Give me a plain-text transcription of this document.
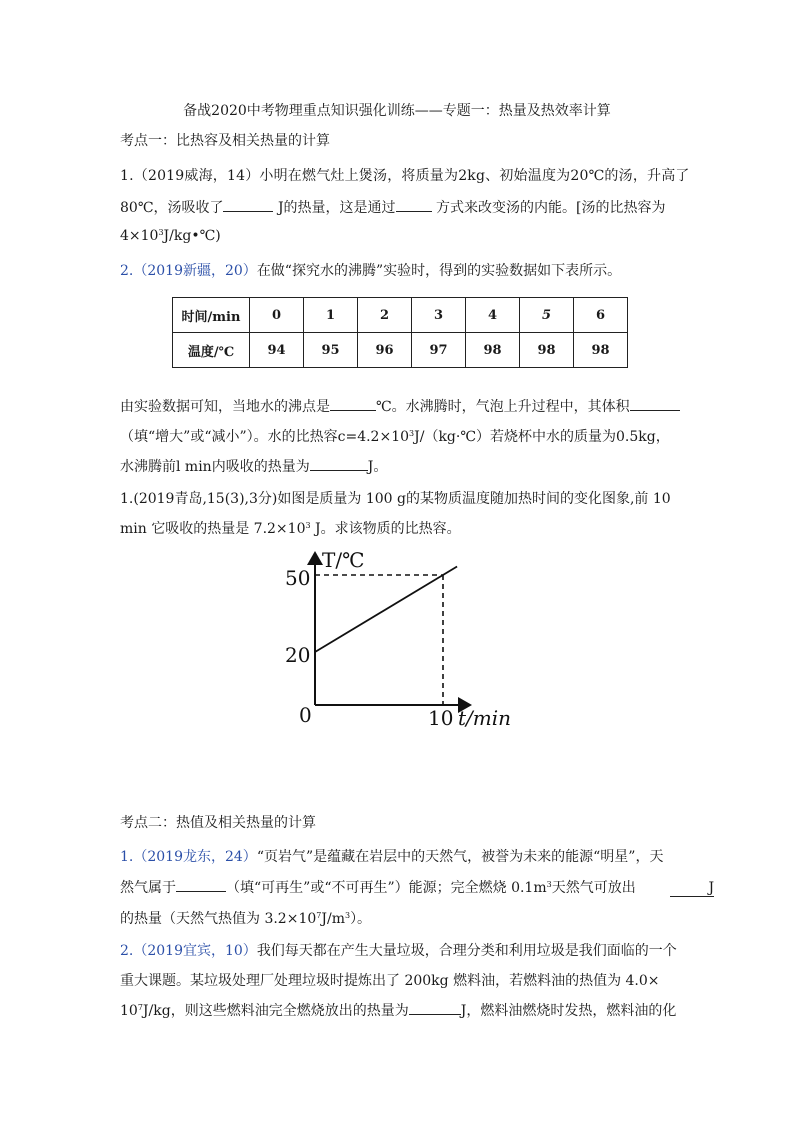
备战2020中考物理重点知识强化训练——专题一：热量及热效率计算
考点一：比热容及相关热量的计算
1.（2019威海，14）小明在燃气灶上煲汤，将质量为2kg、初始温度为20℃的汤，升高了
80℃，汤吸收了	J的热量，这是通过	方式来改变汤的内能。[汤的比热容为
$4\times 10^3J/kg•℃$)
2.（2019新疆，20）在做“探究水的沸腾”实验时，得到的实验数据如下表所示。
时间/min	0	1	2	3	4	5	6
温度/℃	94	95	96	97	98	98	98
由实验数据可知，当地水的沸点是	℃。水沸腾时，气泡上升过程中，其体积
（填“增大”或“减小”）。水的比热容$c=4.2\times 10^3J/(kg\cdot℃)$若烧杯中水的质量为0.5kg，
水沸腾前l min内吸收的热量为	J。
1.(2019青岛,15(3),3分)如图是质量为 100 g的某物质温度随加热时间的变化图象,前 10
min 它吸收的热量是 $7.2\times 10^3$ J。求该物质的比热容。
T/℃
50
20
0	10 t/min
考点二：热值及相关热量的计算
1.（2019龙东，24）“页岩气”是蕴藏在岩层中的天然气，被誉为未来的能源“明星”，天
然气属于	（填“可再生”或“不可再生”）能源；完全燃烧 $0.1m^3$天然气可放出	J
的热量（天然气热值为 $3.2\times 10^7J/m^3$）。
2.（2019宜宾，10）我们每天都在产生大量垃圾，合理分类和利用垃圾是我们面临的一个
重大课题。某垃圾处理厂处理垃圾时提炼出了 200kg 燃料油，若燃料油的热值为 4.0×
$10^7J/kg$，则这些燃料油完全燃烧放出的热量为	J，燃料油燃烧时发热，燃料油的化
